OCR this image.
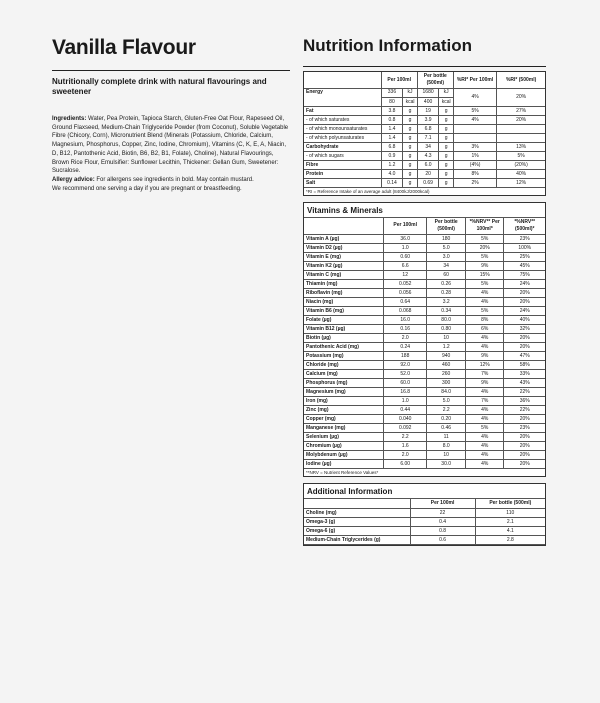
Vanilla Flavour
Nutritionally complete drink with natural flavourings and sweetener

Ingredients: Water, Pea Protein, Tapioca Starch, Gluten-Free Oat Flour, Rapeseed Oil, Ground Flaxseed, Medium-Chain Triglyceride Powder (from Coconut), Soluble Vegetable Fibre (Chicory, Corn), Micronutrient Blend (Minerals (Potassium, Chloride, Calcium, Magnesium, Phosphorus, Copper, Zinc, Iodine, Chromium), Vitamins (C, K, E, A, Niacin, D, B12, Pantothenic Acid, Biotin, B6, B2, B1, Folate), Choline), Natural Flavourings, Brown Rice Flour, Emulsifier: Sunflower Lecithin, Thickener: Gellan Gum, Sweetener: Sucralose.

Allergy advice: For allergens see ingredients in bold. May contain mustard.

We recommend one serving a day if you are pregnant or breastfeeding.

Nutrition Information
	Per 100ml		Per bottle (500ml)		%RI* Per 100ml	%RI* (500ml)
Energy	336	kJ	1680	kJ	4%	20%
	80	kcal	400	kcal		
Fat	3.8	g	19	g	5%	27%
- of which saturates	0.8	g	3.9	g	4%	20%
- of which monounsaturates	1.4	g	6.8	g		
- of which polyunsaturates	1.4	g	7.1	g		
Carbohydrate	6.8	g	34	g	3%	13%
- of which sugars	0.9	g	4.3	g	1%	5%
Fibre	1.2	g	6.0	g	(4%)	(20%)
Protein	4.0	g	20	g	8%	40%
Salt	0.14	g	0.69	g	2%	12%
*RI = Reference Intake of an average adult (8400kJ/2000kcal)
Vitamins & Minerals
	Per 100ml	Per bottle (500ml)	*%NRV** Per 100ml*	*%NRV** (500ml)*
Vitamin A (µg)	36.0	180	5%	23%
Vitamin D2 (µg)	1.0	5.0	20%	100%
Vitamin E (mg)	0.60	3.0	5%	25%
Vitamin K2 (µg)	6.6	34	9%	45%
Vitamin C (mg)	12	60	15%	75%
Thiamin (mg)	0.052	0.26	5%	24%
Riboflavin (mg)	0.056	0.28	4%	20%
Niacin (mg)	0.64	3.2	4%	20%
Vitamin B6 (mg)	0.068	0.34	5%	24%
Folate (µg)	16.0	80.0	8%	40%
Vitamin B12 (µg)	0.16	0.80	6%	32%
Biotin (µg)	2.0	10	4%	20%
Pantothenic Acid (mg)	0.24	1.2	4%	20%
Potassium (mg)	188	940	9%	47%
Chloride (mg)	92.0	460	12%	58%
Calcium (mg)	52.0	260	7%	33%
Phosphorus (mg)	60.0	300	9%	43%
Magnesium (mg)	16.8	84.0	4%	22%
Iron (mg)	1.0	5.0	7%	36%
Zinc (mg)	0.44	2.2	4%	22%
Copper (mg)	0.040	0.20	4%	20%
Manganese (mg)	0.092	0.46	5%	23%
Selenium (µg)	2.2	11	4%	20%
Chromium (µg)	1.6	8.0	4%	20%
Molybdenum (µg)	2.0	10	4%	20%
Iodine (µg)	6.00	30.0	4%	20%
**NRV = Nutrient Reference Values*
Additional Information
	Per 100ml	Per bottle (500ml)
Choline (mg)	22	110
Omega-3 (g)	0.4	2.1
Omega-6 (g)	0.8	4.1
Medium-Chain Triglycerides (g)	0.6	2.8
